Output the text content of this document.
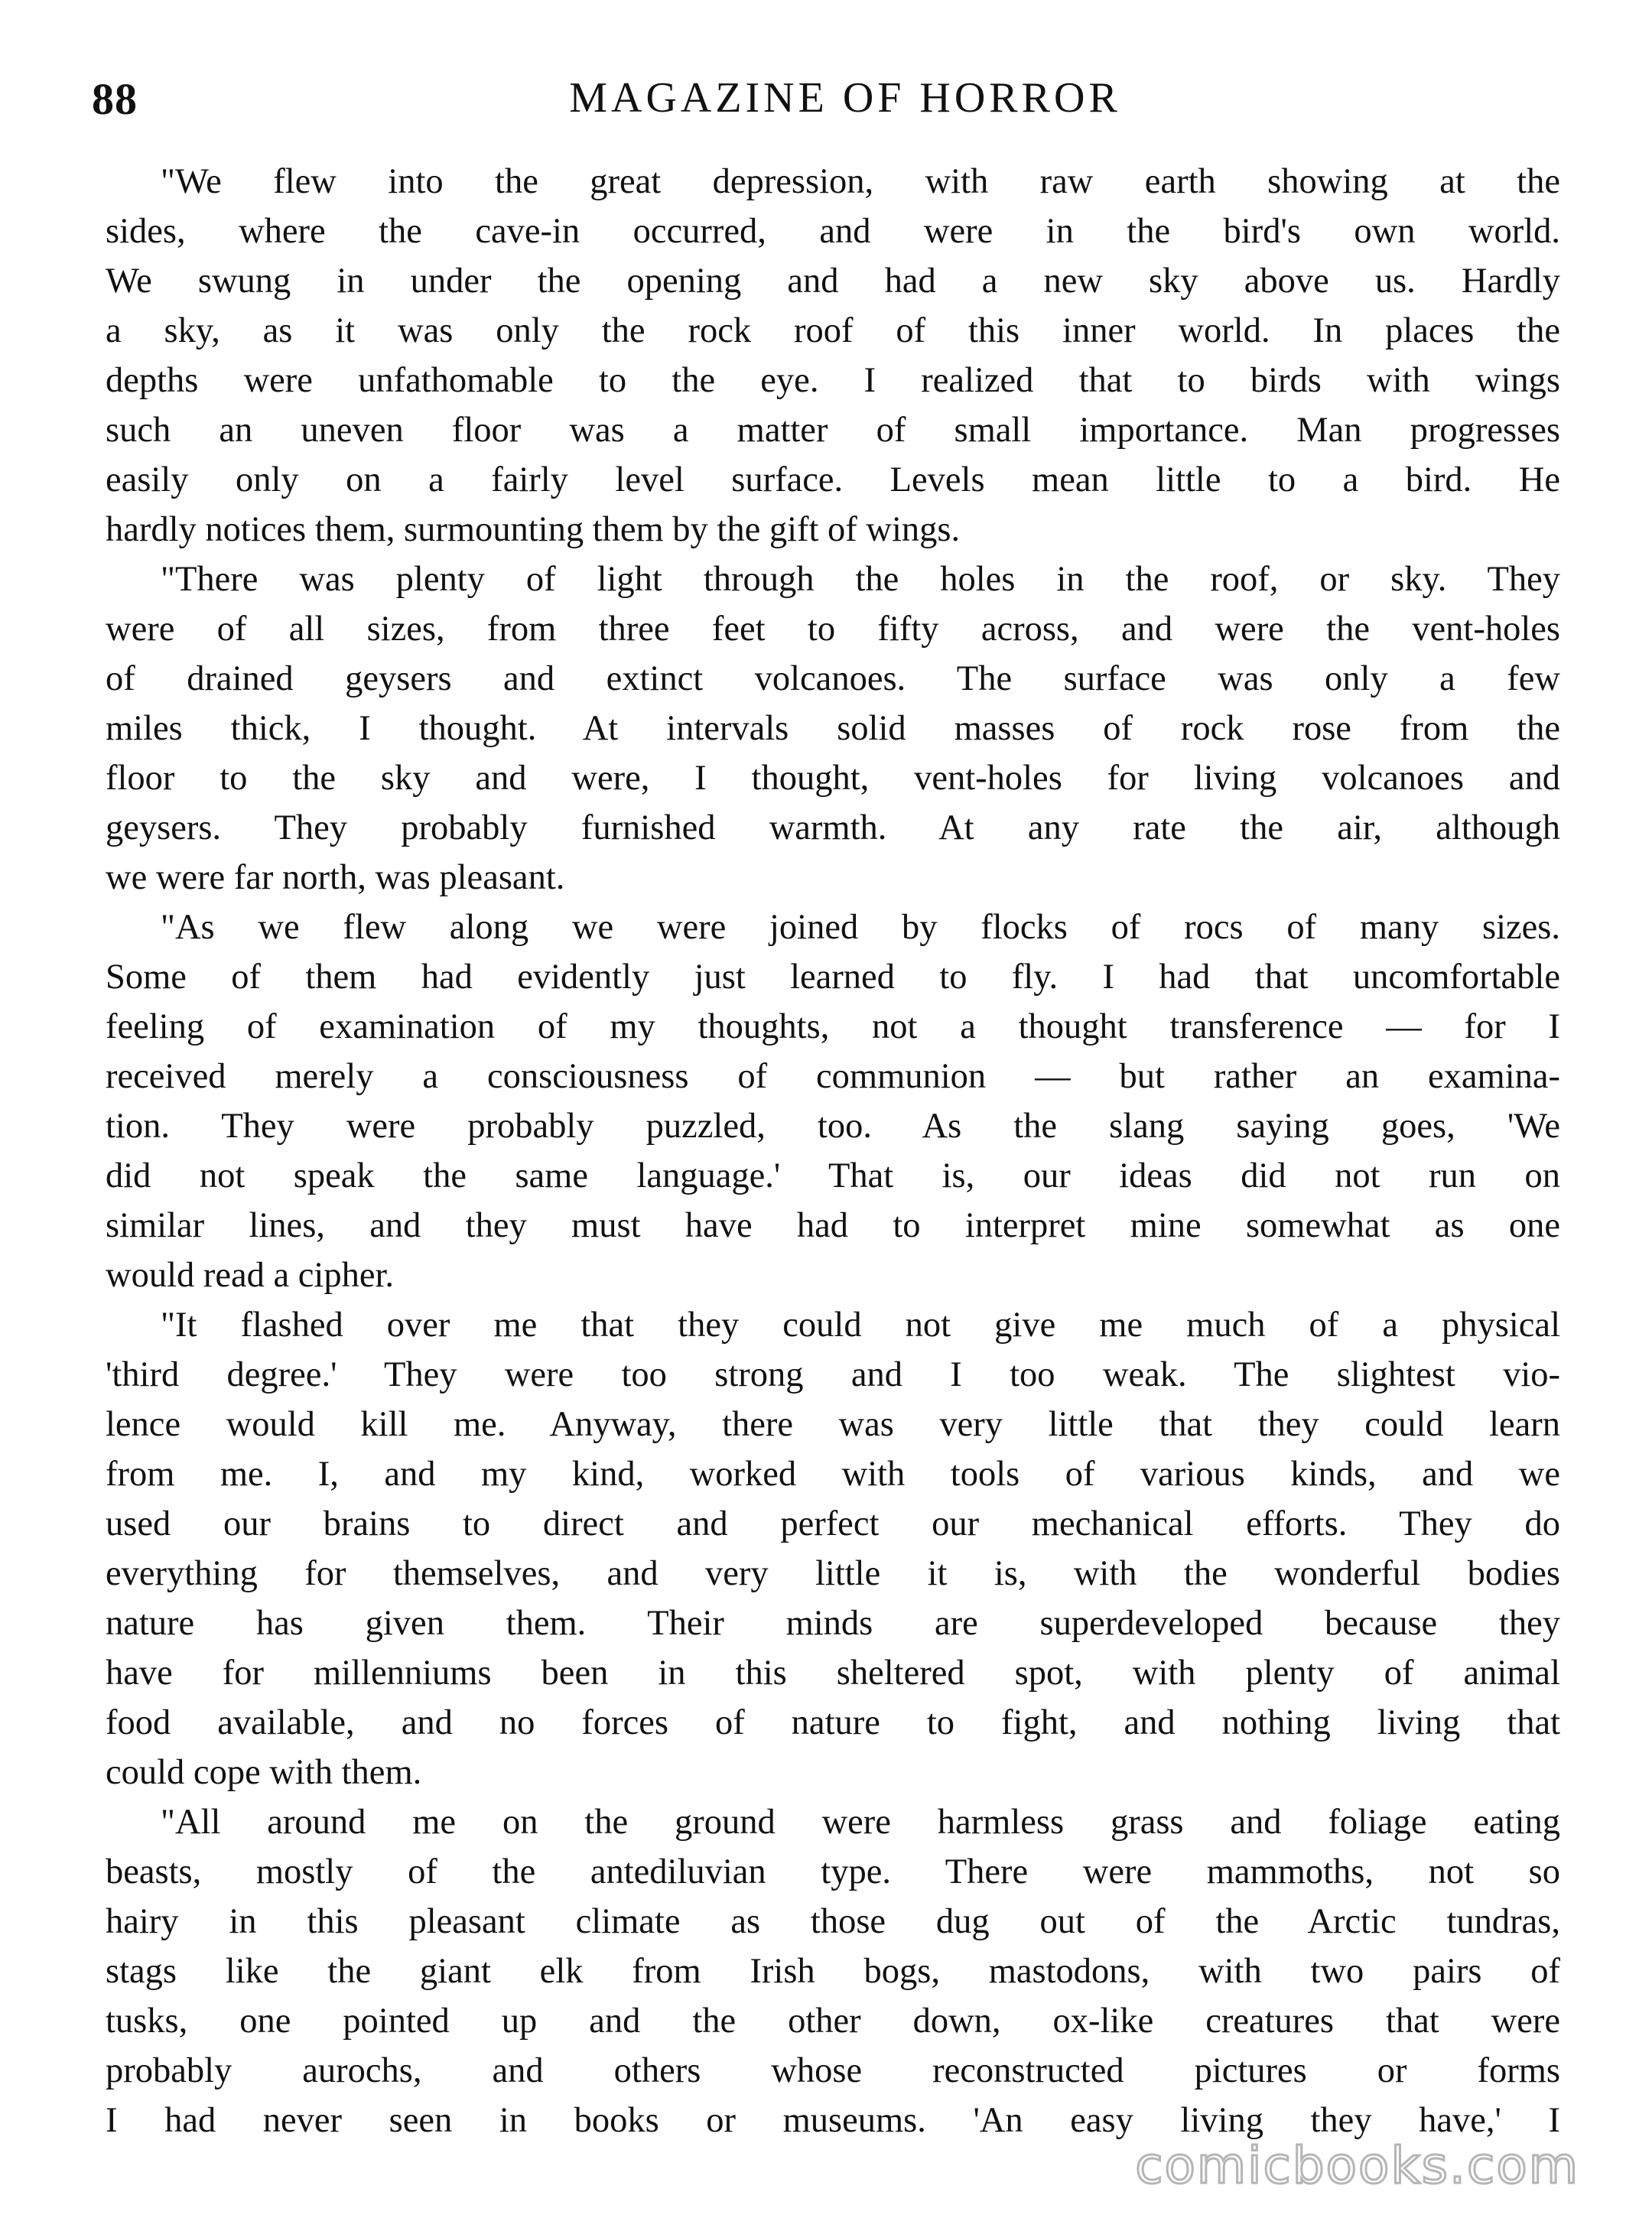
88	MAGAZINE OF HORROR
"We flew into the great depression, with raw earth showing at the
sides, where the cave-in occurred, and were in the bird's own world.
We swung in under the opening and had a new sky above us. Hardly
a sky, as it was only the rock roof of this inner world. In places the
depths were unfathomable to the eye. I realized that to birds with wings
such an uneven floor was a matter of small importance. Man progresses
easily only on a fairly level surface. Levels mean little to a bird. He
hardly notices them, surmounting them by the gift of wings.
"There was plenty of light through the holes in the roof, or sky. They
were of all sizes, from three feet to fifty across, and were the vent-holes
of drained geysers and extinct volcanoes. The surface was only a few
miles thick, I thought. At intervals solid masses of rock rose from the
floor to the sky and were, I thought, vent-holes for living volcanoes and
geysers. They probably furnished warmth. At any rate the air, although
we were far north, was pleasant.
"As we flew along we were joined by flocks of rocs of many sizes.
Some of them had evidently just learned to fly. I had that uncomfortable
feeling of examination of my thoughts, not a thought transference — for I
received merely a consciousness of communion — but rather an examina-
tion. They were probably puzzled, too. As the slang saying goes, 'We
did not speak the same language.' That is, our ideas did not run on
similar lines, and they must have had to interpret mine somewhat as one
would read a cipher.
"It flashed over me that they could not give me much of a physical
'third degree.' They were too strong and I too weak. The slightest vio-
lence would kill me. Anyway, there was very little that they could learn
from me. I, and my kind, worked with tools of various kinds, and we
used our brains to direct and perfect our mechanical efforts. They do
everything for themselves, and very little it is, with the wonderful bodies
nature has given them. Their minds are superdeveloped because they
have for millenniums been in this sheltered spot, with plenty of animal
food available, and no forces of nature to fight, and nothing living that
could cope with them.
"All around me on the ground were harmless grass and foliage eating
beasts, mostly of the antediluvian type. There were mammoths, not so
hairy in this pleasant climate as those dug out of the Arctic tundras,
stags like the giant elk from Irish bogs, mastodons, with two pairs of
tusks, one pointed up and the other down, ox-like creatures that were
probably aurochs, and others whose reconstructed pictures or forms
I had never seen in books or museums. 'An easy living they have,' I
comicbooks.com
